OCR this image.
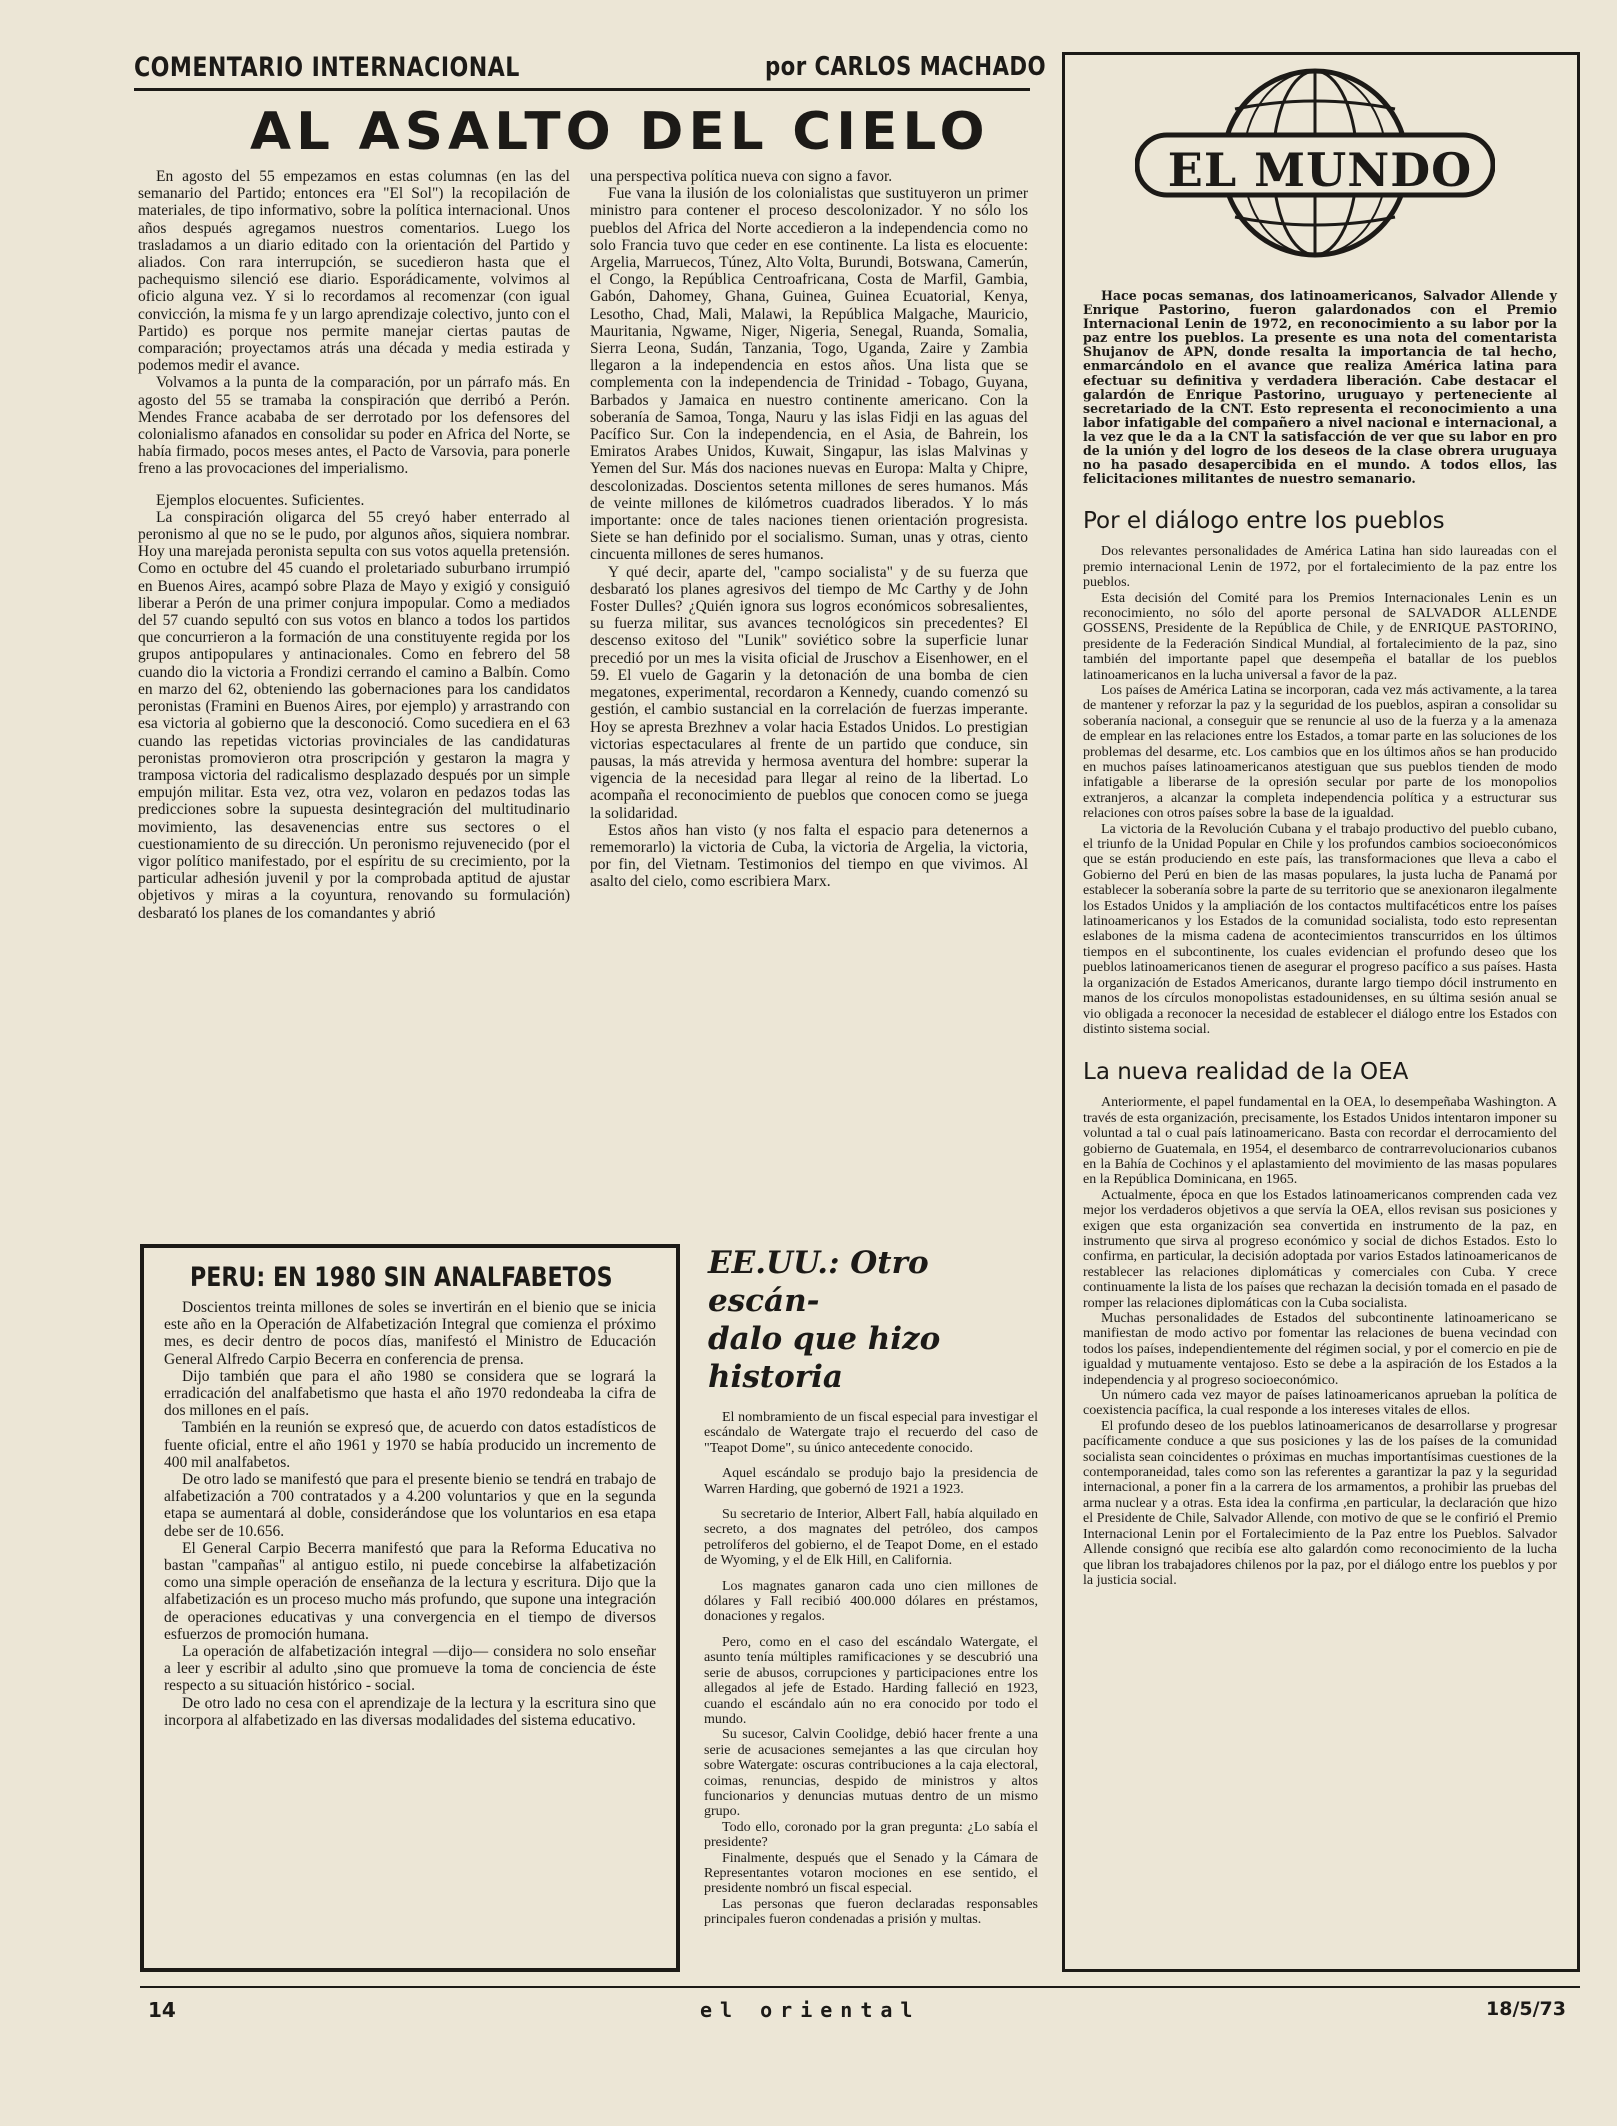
COMENTARIO INTERNACIONAL	por CARLOS MACHADO
AL ASALTO DEL CIELO

En agosto del 55 empezamos en estas columnas (en las del semanario del Partido; entonces era "El Sol") la recopilación de materiales, de tipo informativo, sobre la política internacional. Unos años después agregamos nuestros comentarios. Luego los trasladamos a un diario editado con la orientación del Partido y aliados. Con rara interrupción, se sucedieron hasta que el pachequismo silenció ese diario. Esporádicamente, volvimos al oficio alguna vez. Y si lo recordamos al recomenzar (con igual convicción, la misma fe y un largo aprendizaje colectivo, junto con el Partido) es porque nos permite manejar ciertas pautas de comparación; proyectamos atrás una década y media estirada y podemos medir el avance.

Volvamos a la punta de la comparación, por un párrafo más. En agosto del 55 se tramaba la conspiración que derribó a Perón. Mendes France acababa de ser derrotado por los defensores del colonialismo afanados en consolidar su poder en Africa del Norte, se había firmado, pocos meses antes, el Pacto de Varsovia, para ponerle freno a las provocaciones del imperialismo.

Ejemplos elocuentes. Suficientes.

La conspiración oligarca del 55 creyó haber enterrado al peronismo al que no se le pudo, por algunos años, siquiera nombrar. Hoy una marejada peronista sepulta con sus votos aquella pretensión. Como en octubre del 45 cuando el proletariado suburbano irrumpió en Buenos Aires, acampó sobre Plaza de Mayo y exigió y consiguió liberar a Perón de una primer conjura impopular. Como a mediados del 57 cuando sepultó con sus votos en blanco a todos los partidos que concurrieron a la formación de una constituyente regida por los grupos antipopulares y antinacionales. Como en febrero del 58 cuando dio la victoria a Frondizi cerrando el camino a Balbín. Como en marzo del 62, obteniendo las gobernaciones para los candidatos peronistas (Framini en Buenos Aires, por ejemplo) y arrastrando con esa victoria al gobierno que la desconoció. Como sucediera en el 63 cuando las repetidas victorias provinciales de las candidaturas peronistas promovieron otra proscripción y gestaron la magra y tramposa victoria del radicalismo desplazado después por un simple empujón militar. Esta vez, otra vez, volaron en pedazos todas las predicciones sobre la supuesta desintegración del multitudinario movimiento, las desavenencias entre sus sectores o el cuestionamiento de su dirección. Un peronismo rejuvenecido (por el vigor político manifestado, por el espíritu de su crecimiento, por la particular adhesión juvenil y por la comprobada aptitud de ajustar objetivos y miras a la coyuntura, renovando su formulación) desbarató los planes de los comandantes y abrió

una perspectiva política nueva con signo a favor.

Fue vana la ilusión de los colonialistas que sustituyeron un primer ministro para contener el proceso descolonizador. Y no sólo los pueblos del Africa del Norte accedieron a la independencia como no solo Francia tuvo que ceder en ese continente. La lista es elocuente: Argelia, Marruecos, Túnez, Alto Volta, Burundi, Botswana, Camerún, el Congo, la República Centroafricana, Costa de Marfil, Gambia, Gabón, Dahomey, Ghana, Guinea, Guinea Ecuatorial, Kenya, Lesotho, Chad, Mali, Malawi, la República Malgache, Mauricio, Mauritania, Ngwame, Niger, Nigeria, Senegal, Ruanda, Somalia, Sierra Leona, Sudán, Tanzania, Togo, Uganda, Zaire y Zambia llegaron a la independencia en estos años. Una lista que se complementa con la independencia de Trinidad - Tobago, Guyana, Barbados y Jamaica en nuestro continente americano. Con la soberanía de Samoa, Tonga, Nauru y las islas Fidji en las aguas del Pacífico Sur. Con la independencia, en el Asia, de Bahrein, los Emiratos Arabes Unidos, Kuwait, Singapur, las islas Malvinas y Yemen del Sur. Más dos naciones nuevas en Europa: Malta y Chipre, descolonizadas. Doscientos setenta millones de seres humanos. Más de veinte millones de kilómetros cuadrados liberados. Y lo más importante: once de tales naciones tienen orientación progresista. Siete se han definido por el socialismo. Suman, unas y otras, ciento cincuenta millones de seres humanos.

Y qué decir, aparte del, "campo socialista" y de su fuerza que desbarató los planes agresivos del tiempo de Mc Carthy y de John Foster Dulles? ¿Quién ignora sus logros económicos sobresalientes, su fuerza militar, sus avances tecnológicos sin precedentes? El descenso exitoso del "Lunik" soviético sobre la superficie lunar precedió por un mes la visita oficial de Jruschov a Eisenhower, en el 59. El vuelo de Gagarin y la detonación de una bomba de cien megatones, experimental, recordaron a Kennedy, cuando comenzó su gestión, el cambio sustancial en la correlación de fuerzas imperante. Hoy se apresta Brezhnev a volar hacia Estados Unidos. Lo prestigian victorias espectaculares al frente de un partido que conduce, sin pausas, la más atrevida y hermosa aventura del hombre: superar la vigencia de la necesidad para llegar al reino de la libertad. Lo acompaña el reconocimiento de pueblos que conocen como se juega la solidaridad.

Estos años han visto (y nos falta el espacio para detenernos a rememorarlo) la victoria de Cuba, la victoria de Argelia, la victoria, por fin, del Vietnam. Testimonios del tiempo en que vivimos. Al asalto del cielo, como escribiera Marx.

PERU: EN 1980 SIN ANALFABETOS

Doscientos treinta millones de soles se invertirán en el bienio que se inicia este año en la Operación de Alfabetización Integral que comienza el próximo mes, es decir dentro de pocos días, manifestó el Ministro de Educación General Alfredo Carpio Becerra en conferencia de prensa.

Dijo también que para el año 1980 se considera que se logrará la erradicación del analfabetismo que hasta el año 1970 redondeaba la cifra de dos millones en el país.

También en la reunión se expresó que, de acuerdo con datos estadísticos de fuente oficial, entre el año 1961 y 1970 se había producido un incremento de 400 mil analfabetos.

De otro lado se manifestó que para el presente bienio se tendrá en trabajo de alfabetización a 700 contratados y a 4.200 voluntarios y que en la segunda etapa se aumentará al doble, considerándose que los voluntarios en esa etapa debe ser de 10.656.

El General Carpio Becerra manifestó que para la Reforma Educativa no bastan "campañas" al antiguo estilo, ni puede concebirse la alfabetización como una simple operación de enseñanza de la lectura y escritura. Dijo que la alfabetización es un proceso mucho más profundo, que supone una integración de operaciones educativas y una convergencia en el tiempo de diversos esfuerzos de promoción humana.

La operación de alfabetización integral —dijo— considera no solo enseñar a leer y escribir al adulto ,sino que promueve la toma de conciencia de éste respecto a su situación histórico - social.

De otro lado no cesa con el aprendizaje de la lectura y la escritura sino que incorpora al alfabetizado en las diversas modalidades del sistema educativo.

EE.UU.: Otro escán-
dalo que hizo historia

El nombramiento de un fiscal especial para investigar el escándalo de Watergate trajo el recuerdo del caso de "Teapot Dome", su único antecedente conocido.

Aquel escándalo se produjo bajo la presidencia de Warren Harding, que gobernó de 1921 a 1923.

Su secretario de Interior, Albert Fall, había alquilado en secreto, a dos magnates del petróleo, dos campos petrolíferos del gobierno, el de Teapot Dome, en el estado de Wyoming, y el de Elk Hill, en California.

Los magnates ganaron cada uno cien millones de dólares y Fall recibió 400.000 dólares en préstamos, donaciones y regalos.

Pero, como en el caso del escándalo Watergate, el asunto tenía múltiples ramificaciones y se descubrió una serie de abusos, corrupciones y participaciones entre los allegados al jefe de Estado. Harding falleció en 1923, cuando el escándalo aún no era conocido por todo el mundo.

Su sucesor, Calvin Coolidge, debió hacer frente a una serie de acusaciones semejantes a las que circulan hoy sobre Watergate: oscuras contribuciones a la caja electoral, coimas, renuncias, despido de ministros y altos funcionarios y denuncias mutuas dentro de un mismo grupo.

Todo ello, coronado por la gran pregunta: ¿Lo sabía el presidente?

Finalmente, después que el Senado y la Cámara de Representantes votaron mociones en ese sentido, el presidente nombró un fiscal especial.

Las personas que fueron declaradas responsables principales fueron condenadas a prisión y multas.

EL MUNDO

Hace pocas semanas, dos latinoamericanos, Salvador Allende y Enrique Pastorino, fueron galardonados con el Premio Internacional Lenin de 1972, en reconocimiento a su labor por la paz entre los pueblos. La presente es una nota del comentarista Shujanov de APN, donde resalta la importancia de tal hecho, enmarcándolo en el avance que realiza América latina para efectuar su definitiva y verdadera liberación. Cabe destacar el galardón de Enrique Pastorino, uruguayo y perteneciente al secretariado de la CNT. Esto representa el reconocimiento a una labor infatigable del compañero a nivel nacional e internacional, a la vez que le da a la CNT la satisfacción de ver que su labor en pro de la unión y del logro de los deseos de la clase obrera uruguaya no ha pasado desapercibida en el mundo. A todos ellos, las felicitaciones militantes de nuestro semanario.

Por el diálogo entre los pueblos

Dos relevantes personalidades de América Latina han sido laureadas con el premio internacional Lenin de 1972, por el fortalecimiento de la paz entre los pueblos.

Esta decisión del Comité para los Premios Internacionales Lenin es un reconocimiento, no sólo del aporte personal de SALVADOR ALLENDE GOSSENS, Presidente de la República de Chile, y de ENRIQUE PASTORINO, presidente de la Federación Sindical Mundial, al fortalecimiento de la paz, sino también del importante papel que desempeña el batallar de los pueblos latinoamericanos en la lucha universal a favor de la paz.

Los países de América Latina se incorporan, cada vez más activamente, a la tarea de mantener y reforzar la paz y la seguridad de los pueblos, aspiran a consolidar su soberanía nacional, a conseguir que se renuncie al uso de la fuerza y a la amenaza de emplear en las relaciones entre los Estados, a tomar parte en las soluciones de los problemas del desarme, etc. Los cambios que en los últimos años se han producido en muchos países latinoamericanos atestiguan que sus pueblos tienden de modo infatigable a liberarse de la opresión secular por parte de los monopolios extranjeros, a alcanzar la completa independencia política y a estructurar sus relaciones con otros países sobre la base de la igualdad.

La victoria de la Revolución Cubana y el trabajo productivo del pueblo cubano, el triunfo de la Unidad Popular en Chile y los profundos cambios socioeconómicos que se están produciendo en este país, las transformaciones que lleva a cabo el Gobierno del Perú en bien de las masas populares, la justa lucha de Panamá por establecer la soberanía sobre la parte de su territorio que se anexionaron ilegalmente los Estados Unidos y la ampliación de los contactos multifacéticos entre los países latinoamericanos y los Estados de la comunidad socialista, todo esto representan eslabones de la misma cadena de acontecimientos transcurridos en los últimos tiempos en el subcontinente, los cuales evidencian el profundo deseo que los pueblos latinoamericanos tienen de asegurar el progreso pacífico a sus países. Hasta la organización de Estados Americanos, durante largo tiempo dócil instrumento en manos de los círculos monopolistas estadounidenses, en su última sesión anual se vio obligada a reconocer la necesidad de establecer el diálogo entre los Estados con distinto sistema social.

La nueva realidad de la OEA

Anteriormente, el papel fundamental en la OEA, lo desempeñaba Washington. A través de esta organización, precisamente, los Estados Unidos intentaron imponer su voluntad a tal o cual país latinoamericano. Basta con recordar el derrocamiento del gobierno de Guatemala, en 1954, el desembarco de contrarrevolucionarios cubanos en la Bahía de Cochinos y el aplastamiento del movimiento de las masas populares en la República Dominicana, en 1965.

Actualmente, época en que los Estados latinoamericanos comprenden cada vez mejor los verdaderos objetivos a que servía la OEA, ellos revisan sus posiciones y exigen que esta organización sea convertida en instrumento de la paz, en instrumento que sirva al progreso económico y social de dichos Estados. Esto lo confirma, en particular, la decisión adoptada por varios Estados latinoamericanos de restablecer las relaciones diplomáticas y comerciales con Cuba. Y crece continuamente la lista de los países que rechazan la decisión tomada en el pasado de romper las relaciones diplomáticas con la Cuba socialista.

Muchas personalidades de Estados del subcontinente latinoamericano se manifiestan de modo activo por fomentar las relaciones de buena vecindad con todos los países, independientemente del régimen social, y por el comercio en pie de igualdad y mutuamente ventajoso. Esto se debe a la aspiración de los Estados a la independencia y al progreso socioeconómico.

Un número cada vez mayor de países latinoamericanos aprueban la política de coexistencia pacífica, la cual responde a los intereses vitales de ellos.

El profundo deseo de los pueblos latinoamericanos de desarrollarse y progresar pacíficamente conduce a que sus posiciones y las de los países de la comunidad socialista sean coincidentes o próximas en muchas importantísimas cuestiones de la contemporaneidad, tales como son las referentes a garantizar la paz y la seguridad internacional, a poner fin a la carrera de los armamentos, a prohibir las pruebas del arma nuclear y a otras. Esta idea la confirma ,en particular, la declaración que hizo el Presidente de Chile, Salvador Allende, con motivo de que se le confirió el Premio Internacional Lenin por el Fortalecimiento de la Paz entre los Pueblos. Salvador Allende consignó que recibía ese alto galardón como reconocimiento de la lucha que libran los trabajadores chilenos por la paz, por el diálogo entre los pueblos y por la justicia social.

14	el oriental	18/5/73
